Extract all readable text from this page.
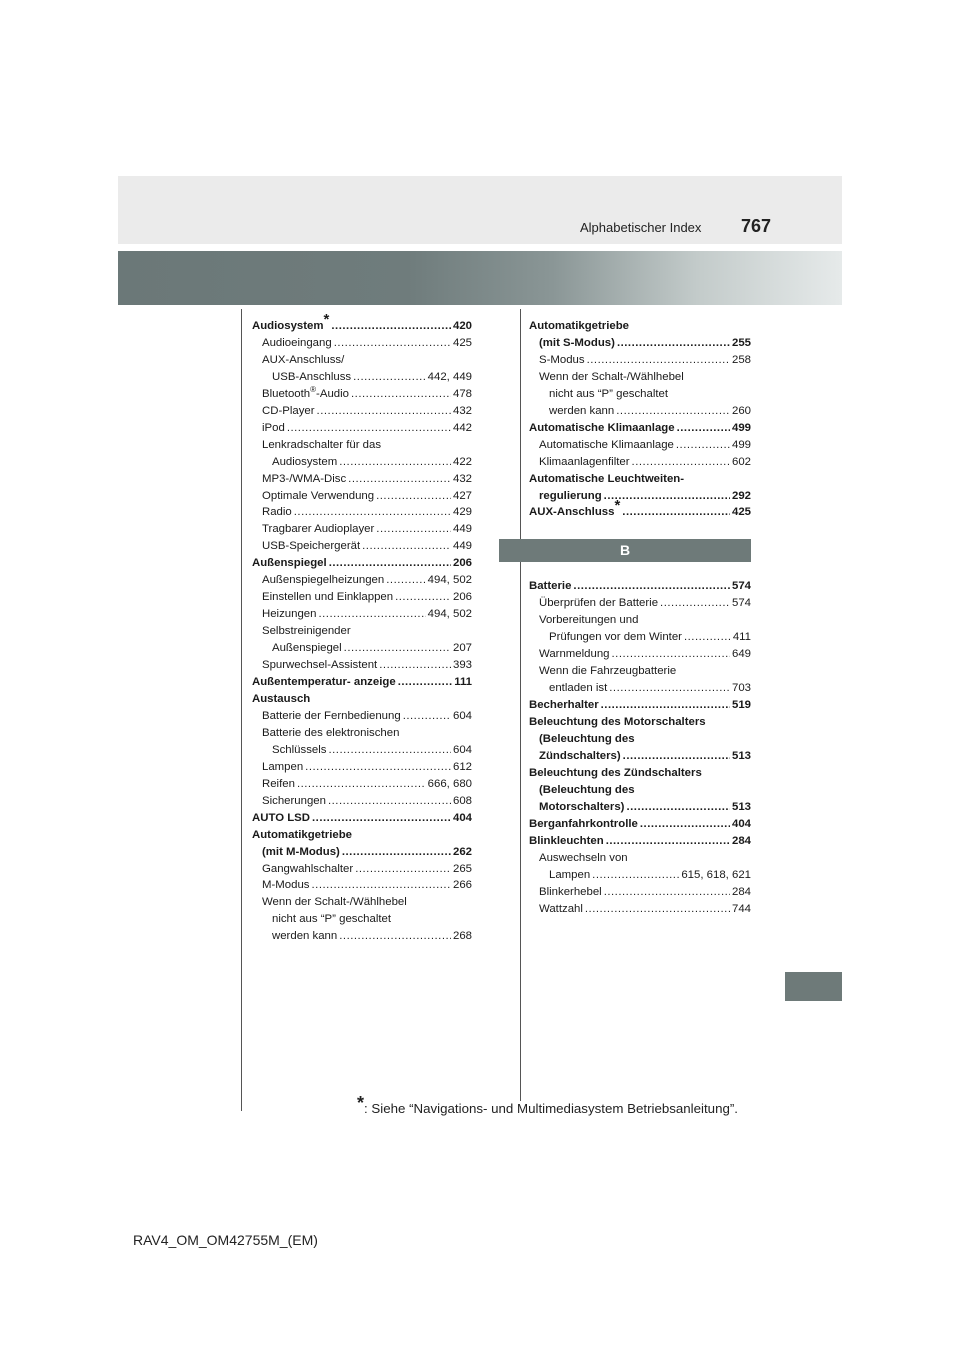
Alphabetischer Index 767
Audiosystem* .....	420
Audioeingang .....	425
AUX-Anschluss/
USB-Anschluss .....	442, 449
Bluetooth®-Audio .....	478
CD-Player .....	432
iPod .....	442
Lenkradschalter für das
Audiosystem .....	422
MP3-/WMA-Disc .....	432
Optimale Verwendung .....	427
Radio .....	429
Tragbarer Audioplayer .....	449
USB-Speichergerät .....	449
Außenspiegel .....	206
Außenspiegelheizungen .....	494, 502
Einstellen und Einklappen .....	206
Heizungen .....	494, 502
Selbstreinigender
Außenspiegel .....	207
Spurwechsel-Assistent .....	393
Außentemperatur- anzeige .....	111
Austausch
Batterie der Fernbedienung .....	604
Batterie des elektronischen
Schlüssels .....	604
Lampen .....	612
Reifen .....	666, 680
Sicherungen .....	608
AUTO LSD .....	404
Automatikgetriebe
(mit M-Modus) .....	262
Gangwahlschalter .....	265
M-Modus .....	266
Wenn der Schalt-/Wählhebel
nicht aus “P” geschaltet
werden kann .....	268
Automatikgetriebe
(mit S-Modus) .....	255
S-Modus .....	258
Wenn der Schalt-/Wählhebel
nicht aus “P” geschaltet
werden kann .....	260
Automatische Klimaanlage .....	499
Automatische Klimaanlage .....	499
Klimaanlagenfilter .....	602
Automatische Leuchtweiten-
regulierung .....	292
AUX-Anschluss* .....	425
B
Batterie .....	574
Überprüfen der Batterie .....	574
Vorbereitungen und
Prüfungen vor dem Winter .....	411
Warnmeldung .....	649
Wenn die Fahrzeugbatterie
entladen ist .....	703
Becherhalter .....	519
Beleuchtung des Motorschalters
(Beleuchtung des
Zündschalters) .....	513
Beleuchtung des Zündschalters
(Beleuchtung des
Motorschalters) .....	513
Berganfahrkontrolle .....	404
Blinkleuchten .....	284
Auswechseln von
Lampen .....	615, 618, 621
Blinkerhebel .....	284
Wattzahl .....	744
*: Siehe “Navigations- und Multimediasystem Betriebsanleitung”.
RAV4_OM_OM42755M_(EM)
